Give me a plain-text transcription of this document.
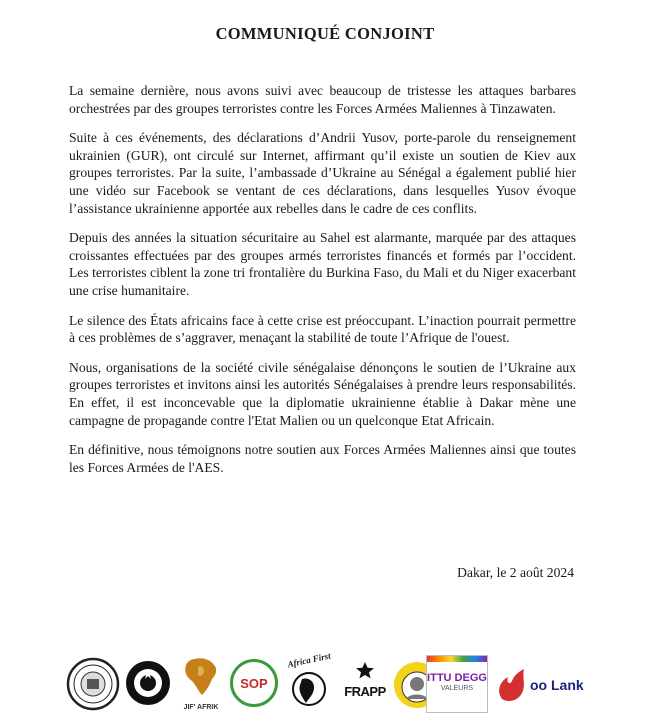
COMMUNIQUÉ CONJOINT

La semaine dernière, nous avons suivi avec beaucoup de tristesse les attaques barbares orchestrées par des groupes terroristes contre les Forces Armées Maliennes à Tinzawaten.

Suite à ces événements, des déclarations d’Andrii Yusov, porte-parole du renseignement ukrainien (GUR), ont circulé sur Internet, affirmant qu’il existe un soutien de Kiev aux groupes terroristes. Par la suite, l’ambassade d’Ukraine au Sénégal a également publié hier une vidéo sur Facebook se ventant de ces déclarations, dans lesquelles Yusov évoque l’assistance ukrainienne apportée aux rebelles dans le cadre de ces conflits.

Depuis des années la situation sécuritaire au Sahel est alarmante, marquée par des attaques croissantes effectuées par des groupes armés terroristes financés et formés par l’occident. Les terroristes ciblent la zone tri frontalière du Burkina Faso, du Mali et du Niger exacerbant une crise humanitaire.

Le silence des États africains face à cette crise est préoccupant. L’inaction pourrait permettre à ces problèmes de s’aggraver, menaçant la stabilité de toute l’Afrique de l'ouest.

Nous, organisations de la société civile sénégalaise dénonçons le soutien de l’Ukraine aux groupes terroristes et invitons ainsi les autorités Sénégalaises à prendre leurs responsabilités. En effet, il est inconcevable que la diplomatie ukrainienne établie à Dakar mène une campagne de propagande contre l'Etat Malien ou un quelconque Etat Africain.

En définitive, nous témoignons notre soutien aux Forces Armées Maliennes ainsi que toutes les Forces Armées de l'AES.

Dakar, le 2 août 2024
JIF' AFRIK
SOP
Africa First
FRAPP
ITTU DEGG
VALEURS	oo Lank
